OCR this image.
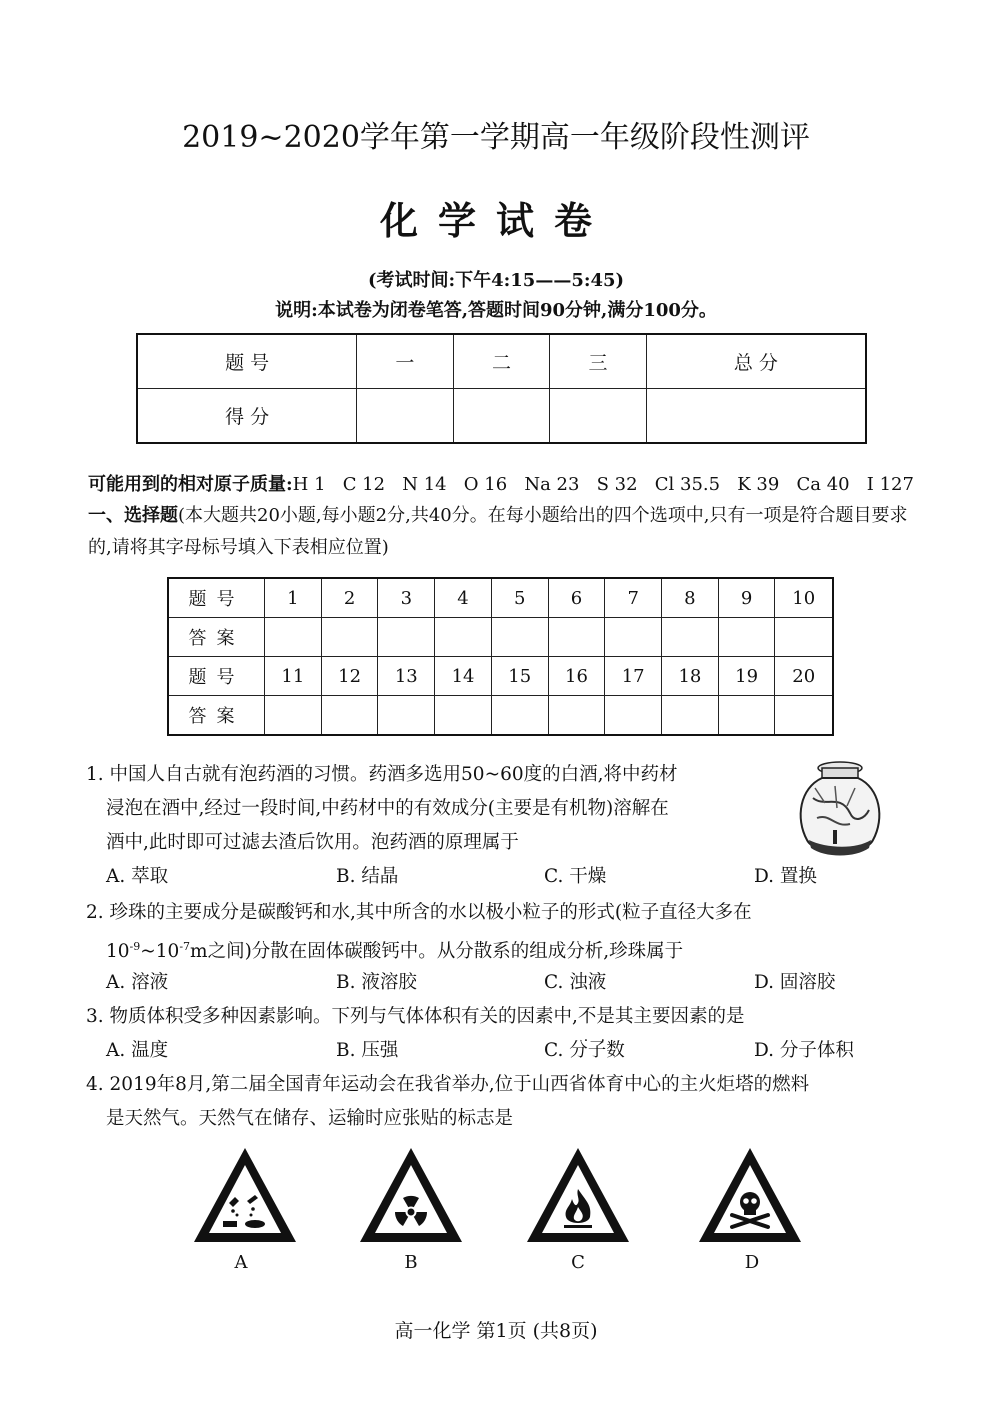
2019~2020学年第一学期高一年级阶段性测评
化学试卷
(考试时间:下午4:15——5:45)
说明:本试卷为闭卷笔答,答题时间90分钟,满分100分。
题 号	一	二	三	总 分
得 分				
可能用到的相对原子质量:H 1   C 12   N 14   O 16   Na 23   S 32   Cl 35.5   K 39   Ca 40   I 127
一、选择题(本大题共20小题,每小题2分,共40分。在每小题给出的四个选项中,只有一项是符合题目要求的,请将其字母标号填入下表相应位置)
题号	1	2	3	4	5	6	7	8	9	10
答案										
题号	11	12	13	14	15	16	17	18	19	20
答案										
1. 中国人自古就有泡药酒的习惯。药酒多选用50~60度的白酒,将中药材
浸泡在酒中,经过一段时间,中药材中的有效成分(主要是有机物)溶解在
酒中,此时即可过滤去渣后饮用。泡药酒的原理属于
A. 萃取	B. 结晶	C. 干燥	D. 置换
2. 珍珠的主要成分是碳酸钙和水,其中所含的水以极小粒子的形式(粒子直径大多在
$10^{-9}\sim 10^{-7}m$之间)分散在固体碳酸钙中。从分散系的组成分析,珍珠属于
A. 溶液	B. 液溶胶	C. 浊液	D. 固溶胶
3. 物质体积受多种因素影响。下列与气体体积有关的因素中,不是 · ·其主要因素的是
A. 温度	B. 压强	C. 分子数	D. 分子体积
4. 2019年8月,第二届全国青年运动会在我省举办,位于山西省体育中心的主火炬塔的燃料
是天然气。天然气在储存、运输时应张贴的标志是
A	B	C	D
高一化学 第1页 (共8页)
